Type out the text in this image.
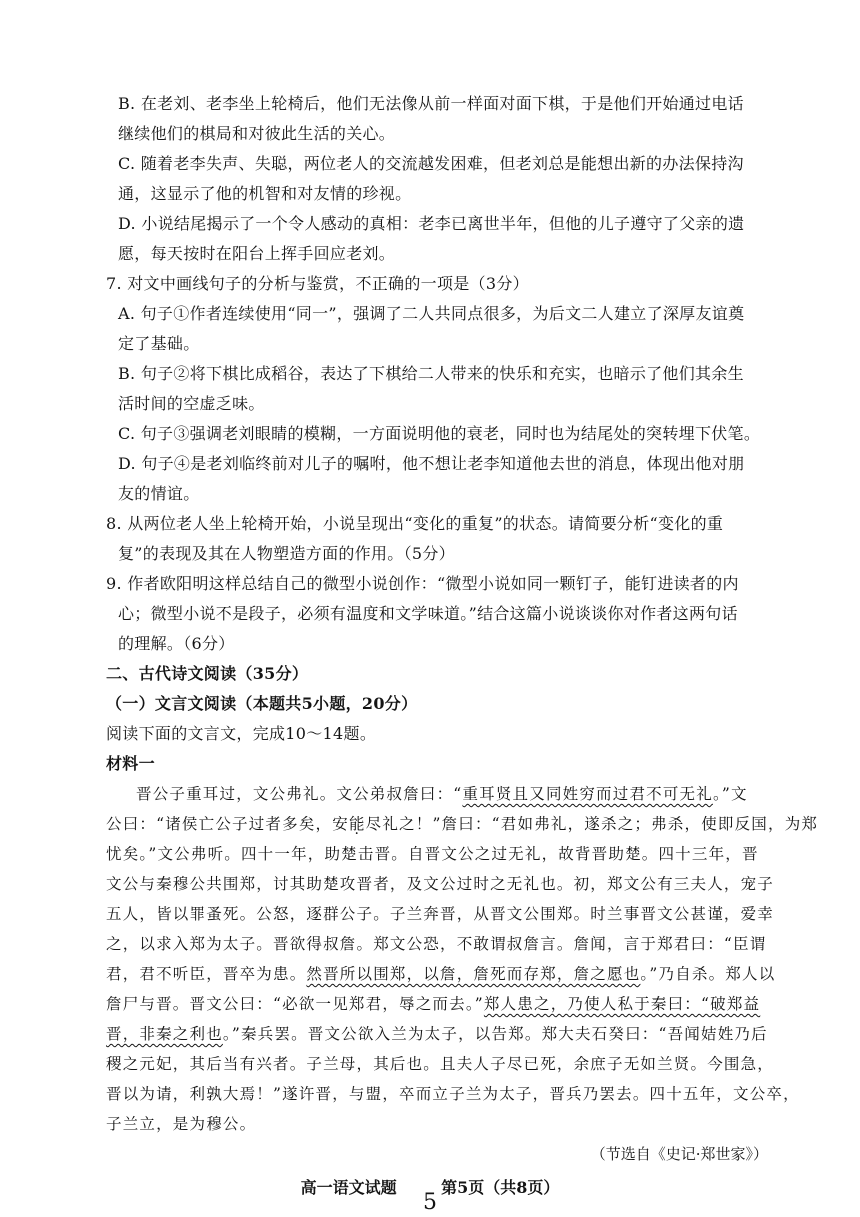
B. 在老刘、老李坐上轮椅后，他们无法像从前一样面对面下棋，于是他们开始通过电话
继续他们的棋局和对彼此生活的关心。
C. 随着老李失声、失聪，两位老人的交流越发困难，但老刘总是能想出新的办法保持沟
通，这显示了他的机智和对友情的珍视。
D. 小说结尾揭示了一个令人感动的真相：老李已离世半年，但他的儿子遵守了父亲的遗
愿，每天按时在阳台上挥手回应老刘。
7. 对文中画线句子的分析与鉴赏，不正确的一项是（3分）
A. 句子①作者连续使用“同一”，强调了二人共同点很多，为后文二人建立了深厚友谊奠
定了基础。
B. 句子②将下棋比成稻谷，表达了下棋给二人带来的快乐和充实，也暗示了他们其余生
活时间的空虚乏味。
C. 句子③强调老刘眼睛的模糊，一方面说明他的衰老，同时也为结尾处的突转埋下伏笔。
D. 句子④是老刘临终前对儿子的嘱咐，他不想让老李知道他去世的消息，体现出他对朋
友的情谊。
8. 从两位老人坐上轮椅开始，小说呈现出“变化的重复”的状态。请简要分析“变化的重
复”的表现及其在人物塑造方面的作用。（5分）
9. 作者欧阳明这样总结自己的微型小说创作：“微型小说如同一颗钉子，能钉进读者的内
心；微型小说不是段子，必须有温度和文学味道。”结合这篇小说谈谈你对作者这两句话
的理解。（6分）
二、古代诗文阅读（35分）
（一）文言文阅读（本题共5小题，20分）
阅读下面的文言文，完成10～14题。
材料一
晋公子重耳过，文公弗礼。文公弟叔詹曰：“重耳贤且又同姓穷而过君不可无礼。”文
公曰：“诸侯亡公子过者多矣，安能尽礼之！”詹曰：“君如弗礼，遂杀之；弗杀，使即反国，为郑
忧矣。”文公弗听。四十一年，助楚击晋。自晋文公之过无礼，故背晋助楚。四十三年，晋
文公与秦穆公共围郑，讨其助楚攻晋者，及文公过时之无礼也。初，郑文公有三夫人，宠子
五人，皆以罪蚤死。公怒，逐群公子。子兰奔晋，从晋文公围郑。时兰事晋文公甚谨，爱幸
之，以求入郑为太子。晋欲得叔詹。郑文公恐，不敢谓叔詹言。詹闻，言于郑君曰：“臣谓
君，君不听臣，晋卒为患。然晋所以围郑，以詹，詹死而存郑，詹之愿也。”乃自杀。郑人以
詹尸与晋。晋文公曰：“必欲一见郑君，辱之而去。”郑人患之，乃使人私于秦曰：“破郑益
晋，非秦之利也。”秦兵罢。晋文公欲入兰为太子，以告郑。郑大夫石癸曰：“吾闻姞姓乃后
稷之元妃，其后当有兴者。子兰母，其后也。且夫人子尽已死，余庶子无如兰贤。今围急，
晋以为请，利孰大焉！”遂许晋，与盟，卒而立子兰为太子，晋兵乃罢去。四十五年，文公卒，
子兰立，是为穆公。
（节选自《史记·郑世家》）
高一语文试题	第5页（共8页）
5
